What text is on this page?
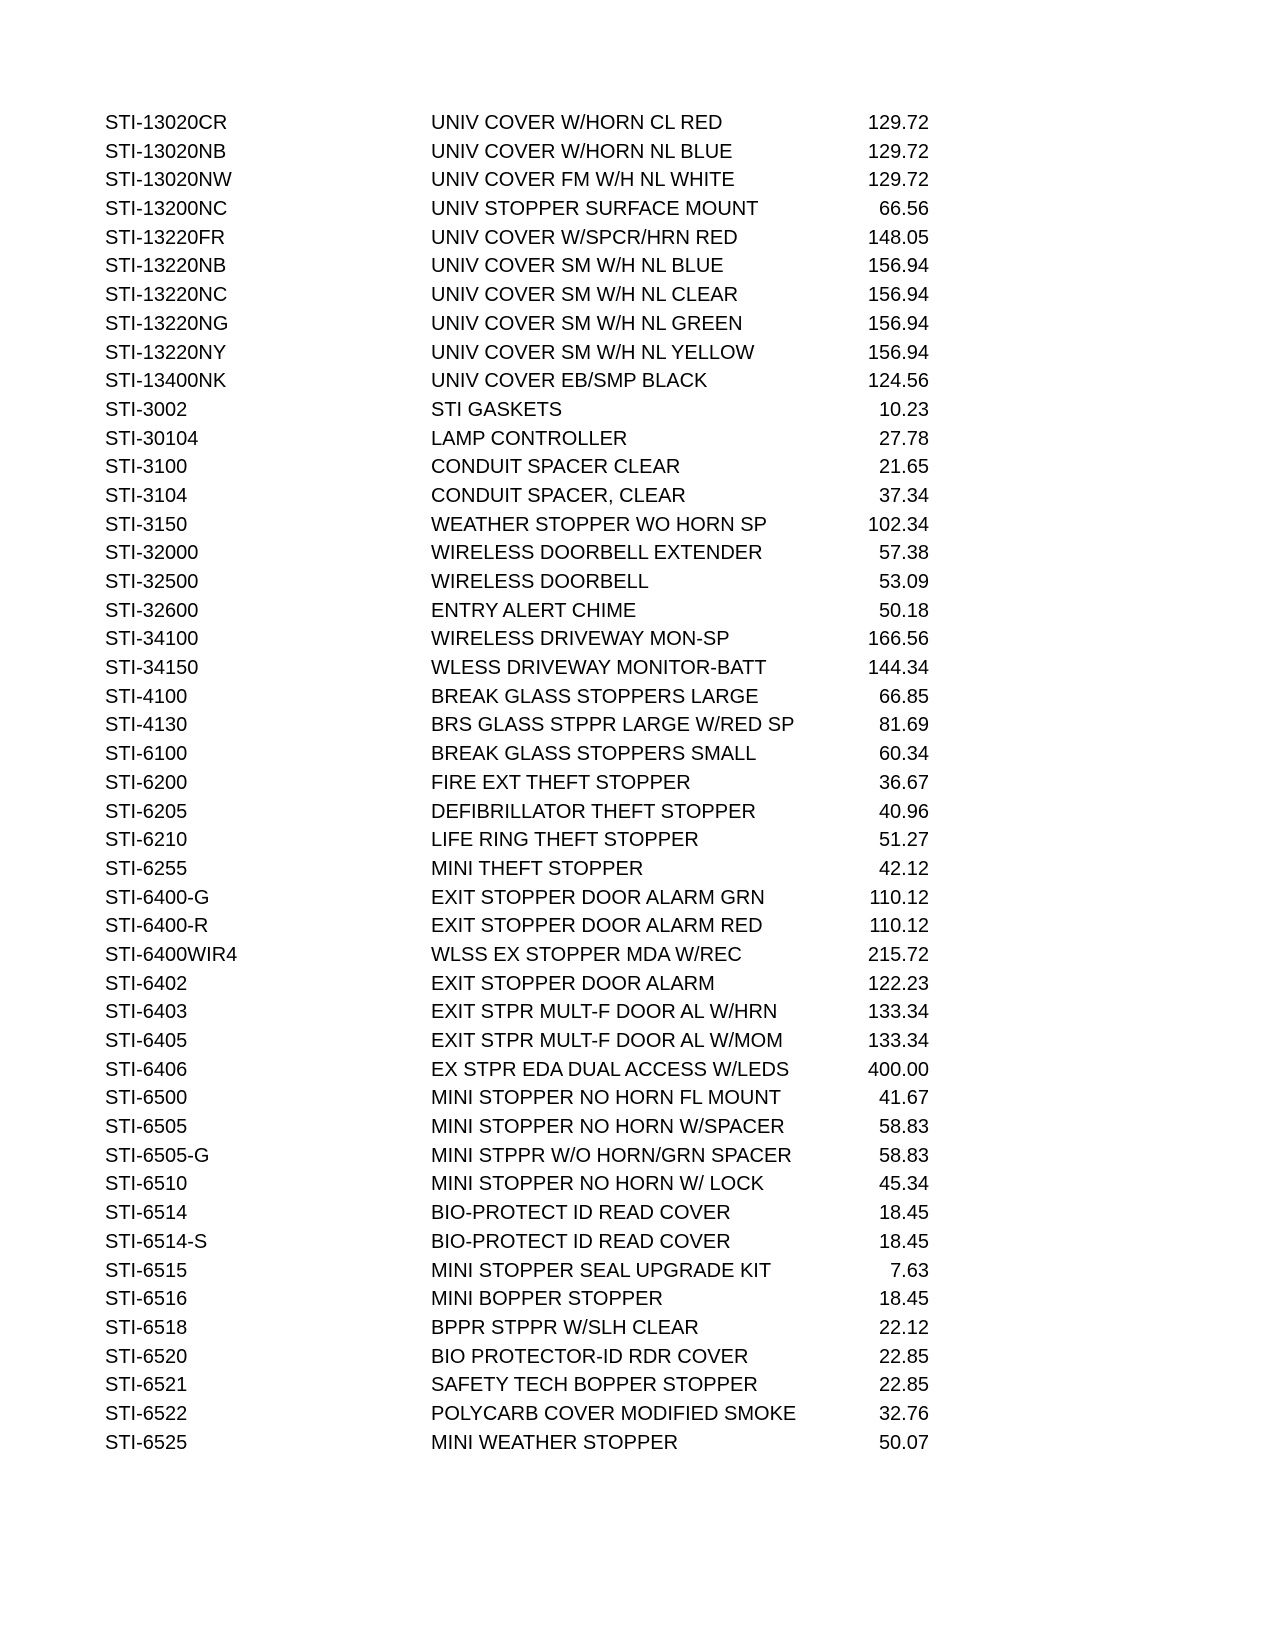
STI-13020CR	UNIV COVER W/HORN CL RED	129.72
STI-13020NB	UNIV COVER W/HORN NL BLUE	129.72
STI-13020NW	UNIV COVER FM W/H NL WHITE	129.72
STI-13200NC	UNIV STOPPER SURFACE MOUNT	66.56
STI-13220FR	UNIV COVER W/SPCR/HRN RED	148.05
STI-13220NB	UNIV COVER SM W/H NL BLUE	156.94
STI-13220NC	UNIV COVER SM W/H NL CLEAR	156.94
STI-13220NG	UNIV COVER SM W/H NL GREEN	156.94
STI-13220NY	UNIV COVER SM W/H NL YELLOW	156.94
STI-13400NK	UNIV COVER EB/SMP BLACK	124.56
STI-3002	STI GASKETS	10.23
STI-30104	LAMP CONTROLLER	27.78
STI-3100	CONDUIT SPACER CLEAR	21.65
STI-3104	CONDUIT SPACER, CLEAR	37.34
STI-3150	WEATHER STOPPER WO HORN SP	102.34
STI-32000	WIRELESS DOORBELL EXTENDER	57.38
STI-32500	WIRELESS DOORBELL	53.09
STI-32600	ENTRY ALERT CHIME	50.18
STI-34100	WIRELESS DRIVEWAY MON-SP	166.56
STI-34150	WLESS DRIVEWAY MONITOR-BATT	144.34
STI-4100	BREAK GLASS STOPPERS LARGE	66.85
STI-4130	BRS GLASS STPPR LARGE W/RED SP	81.69
STI-6100	BREAK GLASS STOPPERS SMALL	60.34
STI-6200	FIRE EXT THEFT STOPPER	36.67
STI-6205	DEFIBRILLATOR THEFT STOPPER	40.96
STI-6210	LIFE RING THEFT STOPPER	51.27
STI-6255	MINI THEFT STOPPER	42.12
STI-6400-G	EXIT STOPPER DOOR ALARM GRN	110.12
STI-6400-R	EXIT STOPPER DOOR ALARM RED	110.12
STI-6400WIR4	WLSS EX STOPPER MDA W/REC	215.72
STI-6402	EXIT STOPPER DOOR ALARM	122.23
STI-6403	EXIT STPR MULT-F DOOR AL W/HRN	133.34
STI-6405	EXIT STPR MULT-F DOOR AL W/MOM	133.34
STI-6406	EX STPR EDA DUAL ACCESS W/LEDS	400.00
STI-6500	MINI STOPPER NO HORN FL MOUNT	41.67
STI-6505	MINI STOPPER NO HORN W/SPACER	58.83
STI-6505-G	MINI STPPR W/O HORN/GRN SPACER	58.83
STI-6510	MINI STOPPER NO HORN W/ LOCK	45.34
STI-6514	BIO-PROTECT ID READ COVER	18.45
STI-6514-S	BIO-PROTECT ID READ COVER	18.45
STI-6515	MINI STOPPER SEAL UPGRADE KIT	7.63
STI-6516	MINI BOPPER STOPPER	18.45
STI-6518	BPPR STPPR W/SLH CLEAR	22.12
STI-6520	BIO PROTECTOR-ID RDR COVER	22.85
STI-6521	SAFETY TECH BOPPER STOPPER	22.85
STI-6522	POLYCARB COVER MODIFIED SMOKE	32.76
STI-6525	MINI WEATHER STOPPER	50.07
